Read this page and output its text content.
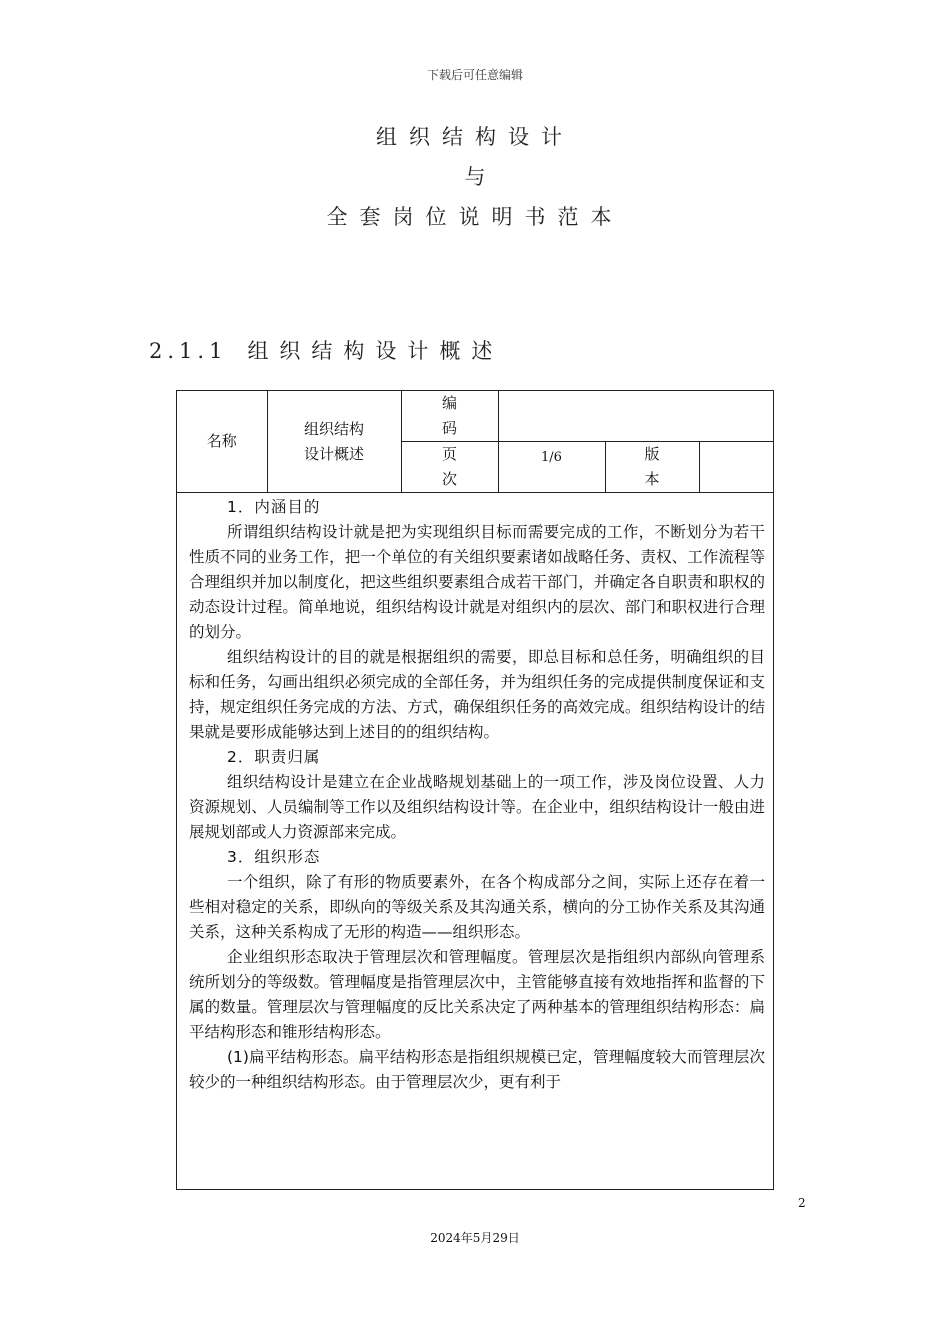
下载后可任意编辑
组织结构设计
与
全套岗位说明书范本
2.1.1 组织结构设计概述
名称	组织结构设计概述	编码			
		页次	1/6	版本	

1．内涵目的

所谓组织结构设计就是把为实现组织目标而需要完成的工作，不断划分为若干性质不同的业务工作，把一个单位的有关组织要素诸如战略任务、责权、工作流程等合理组织并加以制度化，把这些组织要素组合成若干部门，并确定各自职责和职权的动态设计过程。简单地说，组织结构设计就是对组织内的层次、部门和职权进行合理的划分。

组织结构设计的目的就是根据组织的需要，即总目标和总任务，明确组织的目标和任务，勾画出组织必须完成的全部任务，并为组织任务的完成提供制度保证和支持，规定组织任务完成的方法、方式，确保组织任务的高效完成。组织结构设计的结果就是要形成能够达到上述目的的组织结构。

2．职责归属

组织结构设计是建立在企业战略规划基础上的一项工作，涉及岗位设置、人力资源规划、人员编制等工作以及组织结构设计等。在企业中，组织结构设计一般由进展规划部或人力资源部来完成。

3．组织形态

一个组织，除了有形的物质要素外，在各个构成部分之间，实际上还存在着一些相对稳定的关系，即纵向的等级关系及其沟通关系，横向的分工协作关系及其沟通关系，这种关系构成了无形的构造——组织形态。

企业组织形态取决于管理层次和管理幅度。管理层次是指组织内部纵向管理系统所划分的等级数。管理幅度是指管理层次中，主管能够直接有效地指挥和监督的下属的数量。管理层次与管理幅度的反比关系决定了两种基本的管理组织结构形态：扁平结构形态和锥形结构形态。

(1)扁平结构形态。扁平结构形态是指组织规模已定，管理幅度较大而管理层次较少的一种组织结构形态。由于管理层次少，更有利于

2
2024年5月29日
